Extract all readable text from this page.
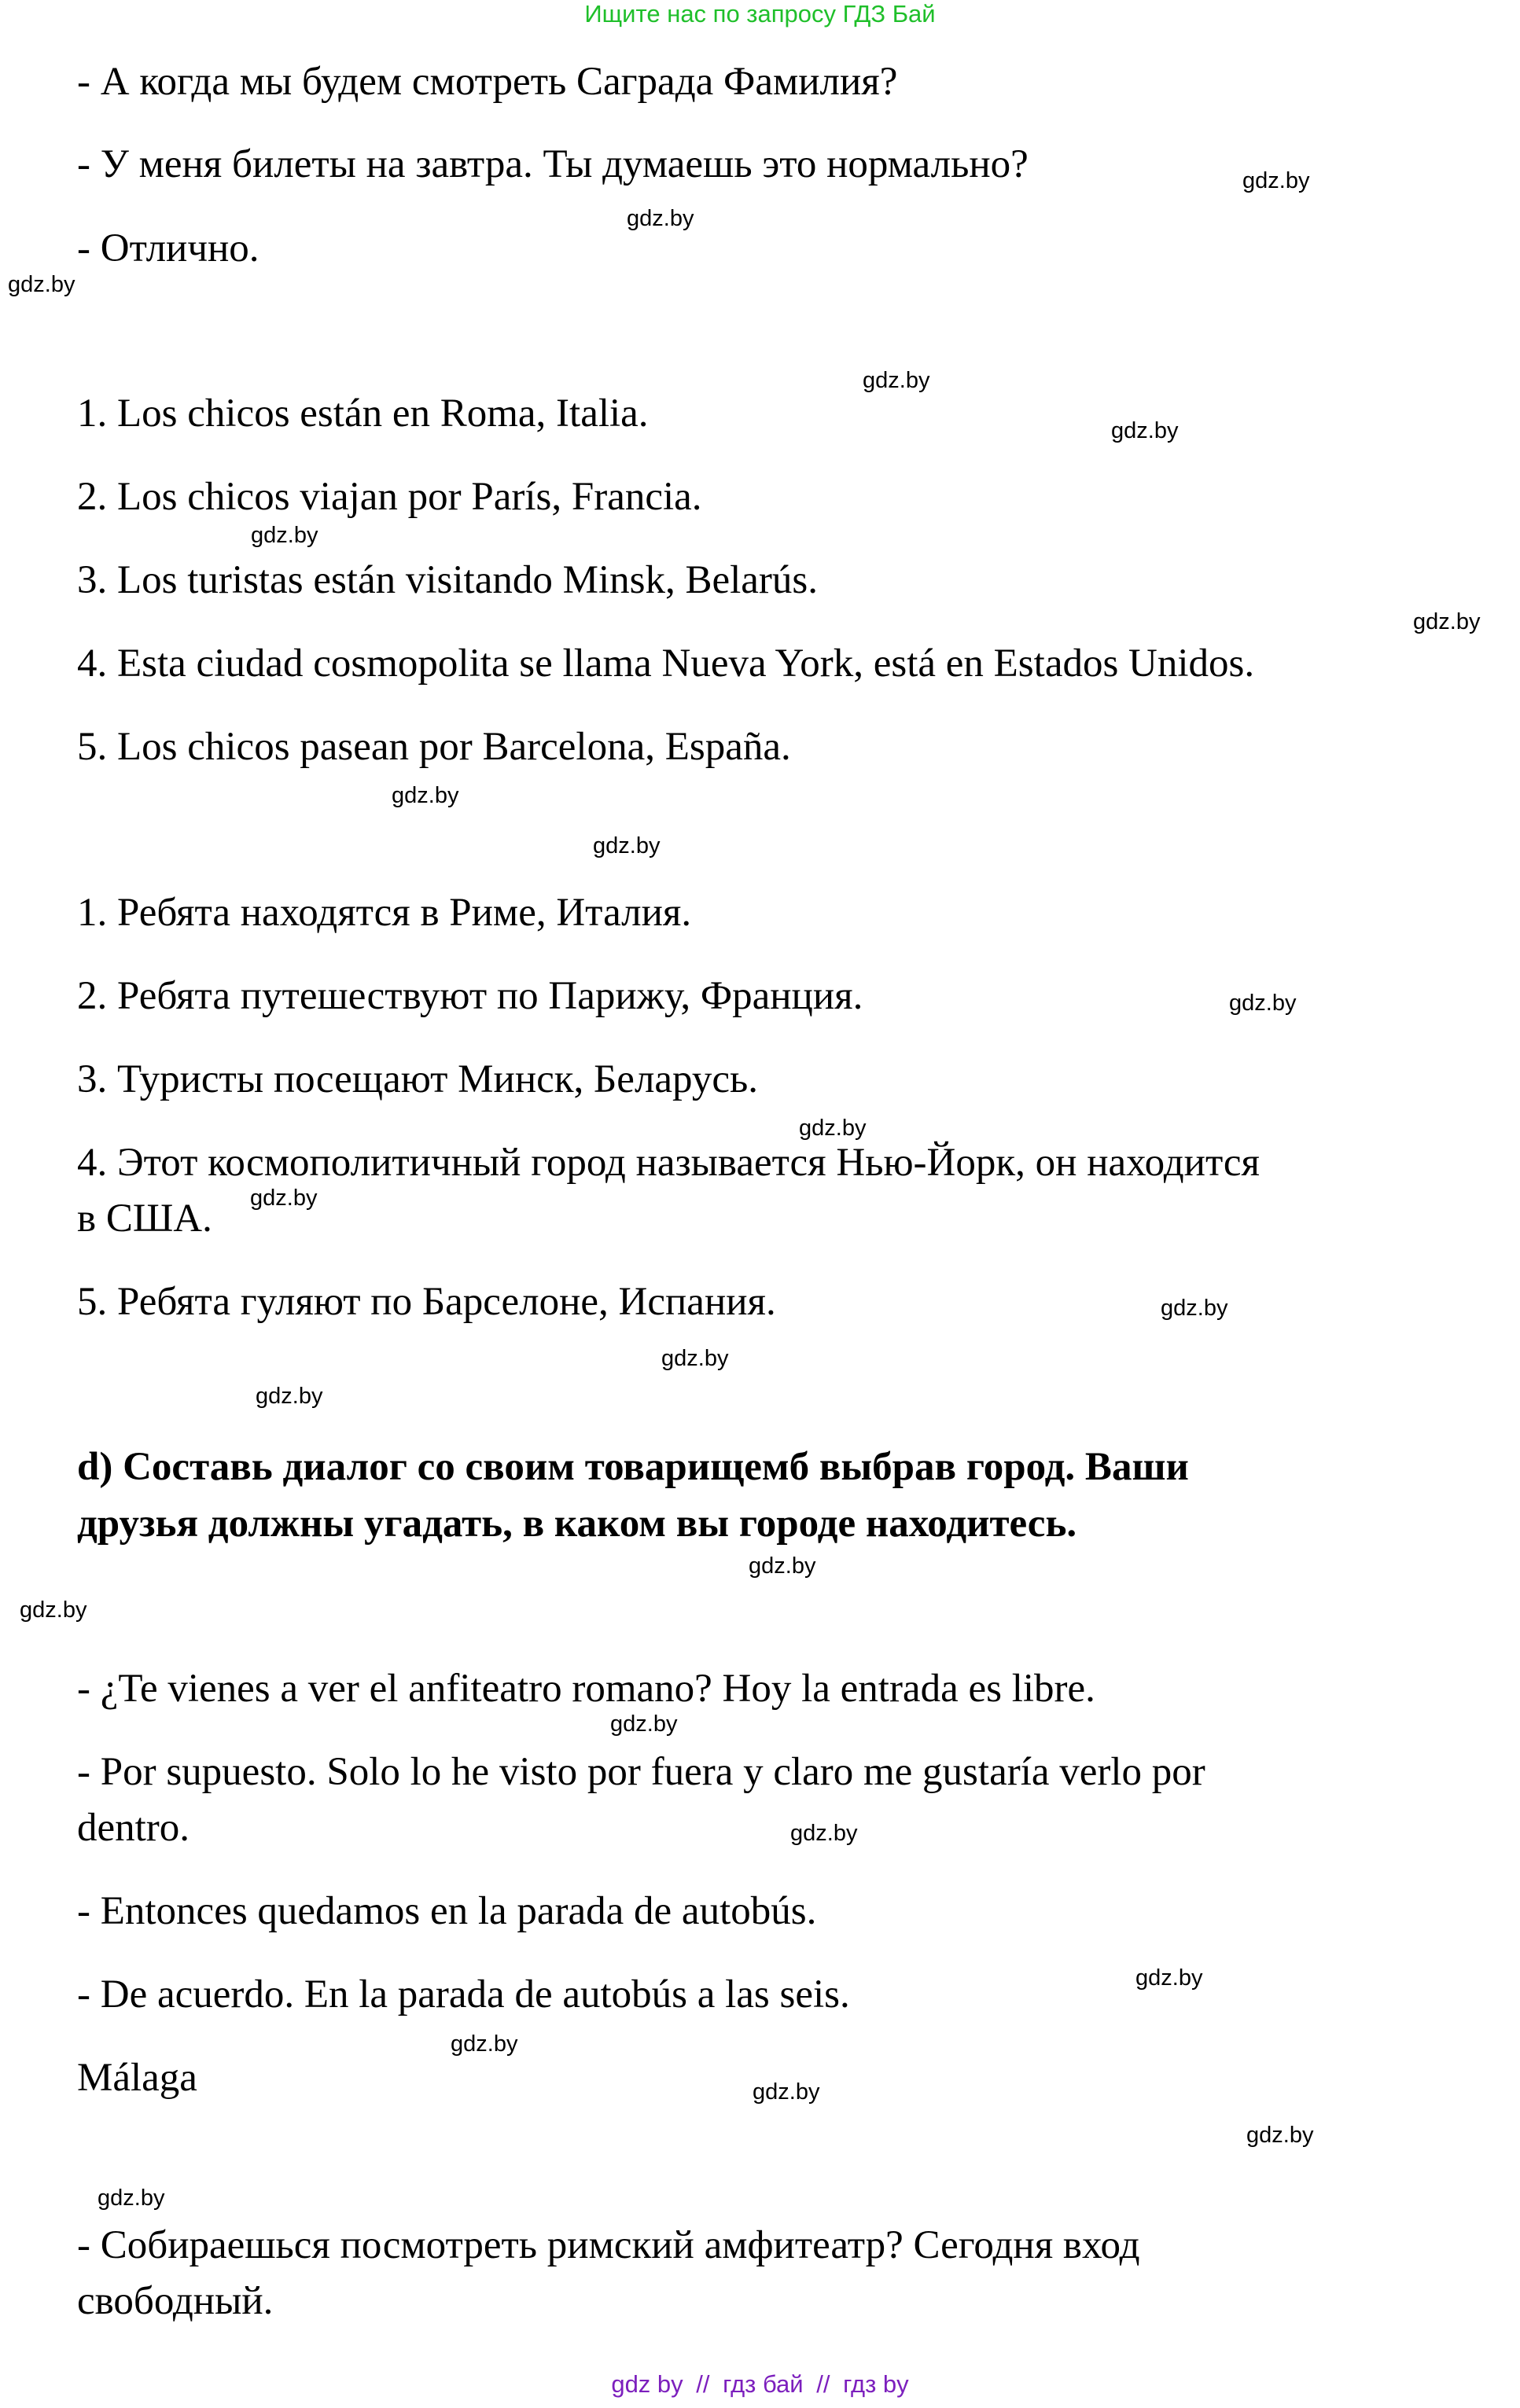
Ищите нас по запросу ГДЗ Бай
- А когда мы будем смотреть Саграда Фамилия?
- У меня билеты на завтра. Ты думаешь это нормально?
- Отлично.
1. Los chicos están en Roma, Italia.
2. Los chicos viajan por París, Francia.
3. Los turistas están visitando Minsk, Belarús.
4. Esta ciudad cosmopolita se llama Nueva York, está en Estados Unidos.
5. Los chicos pasean por Barcelona, España.
1. Ребята находятся в Риме, Италия.
2. Ребята путешествуют по Парижу, Франция.
3. Туристы посещают Минск, Беларусь.
4. Этот космополитичный город называется Нью-Йорк, он находится
в США.
5. Ребята гуляют по Барселоне, Испания.
d) Составь диалог со своим товарищемб выбрав город. Ваши
друзья должны угадать, в каком вы городе находитесь.
- ¿Te vienes a ver el anfiteatro romano? Hoy la entrada es libre.
- Por supuesto. Solo lo he visto por fuera y claro me gustaría verlo por
dentro.
- Entonces quedamos en la parada de autobús.
- De acuerdo. En la parada de autobús a las seis.
Málaga
- Собираешься посмотреть римский амфитеатр? Сегодня вход
свободный.
gdz.by
gdz.by
gdz.by
gdz.by
gdz.by
gdz.by
gdz.by
gdz.by
gdz.by
gdz.by
gdz.by
gdz.by
gdz.by
gdz.by
gdz.by
gdz.by
gdz.by
gdz.by
gdz.by
gdz.by
gdz.by
gdz.by
gdz.by
gdz.by
gdz by // гдз бай // гдз by
